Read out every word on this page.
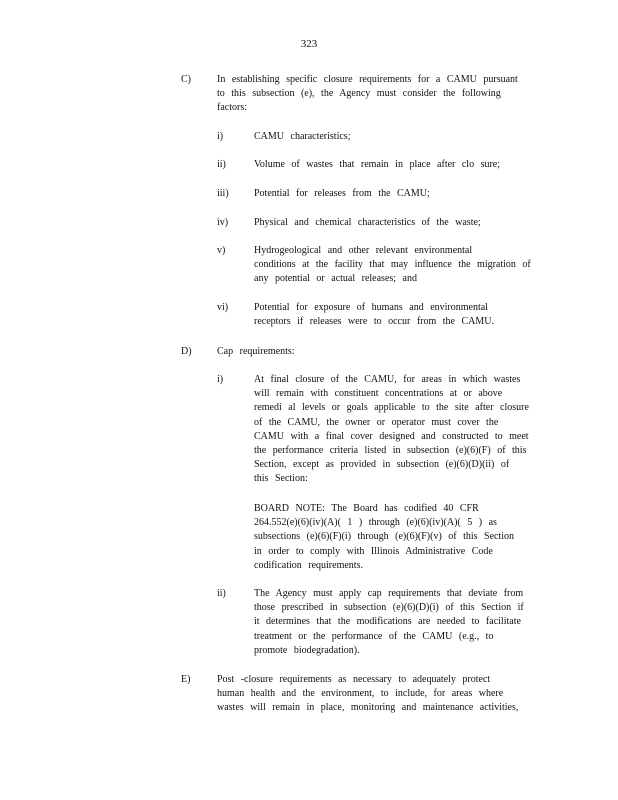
323
C)	In establishing specific closure requirements for a CAMU pursuant
to this subsection (e), the Agency must consider the following
factors:
i)	CAMU characteristics;
ii)	Volume of wastes that remain in place after clo sure;
iii)	Potential for releases from the CAMU;
iv)	Physical and chemical characteristics of the waste;
v)	Hydrogeological and other relevant environmental
conditions at the facility that may influence the migration of
any potential or actual releases; and
vi)	Potential for exposure of humans and environmental
receptors if releases were to occur from the CAMU.
D)	Cap requirements:
i)	At final closure of the CAMU, for areas in which wastes
will remain with constituent concentrations at or above
remedi al levels or goals applicable to the site after closure
of the CAMU, the owner or operator must cover the
CAMU with a final cover designed and constructed to meet
the performance criteria listed in subsection (e)(6)(F) of this
Section, except as provided in subsection (e)(6)(D)(ii) of
this Section:
BOARD NOTE: The Board has codified 40 CFR
264.552(e)(6)(iv)(A)( 1 ) through (e)(6)(iv)(A)( 5 ) as
subsections (e)(6)(F)(i) through (e)(6)(F)(v) of this Section
in order to comply with Illinois Administrative Code
codification requirements.
ii)	The Agency must apply cap requirements that deviate from
those prescribed in subsection (e)(6)(D)(i) of this Section if
it determines that the modifications are needed to facilitate
treatment or the performance of the CAMU (e.g., to
promote biodegradation).
E)	Post -closure requirements as necessary to adequately protect
human health and the environment, to include, for areas where
wastes will remain in place, monitoring and maintenance activities,
